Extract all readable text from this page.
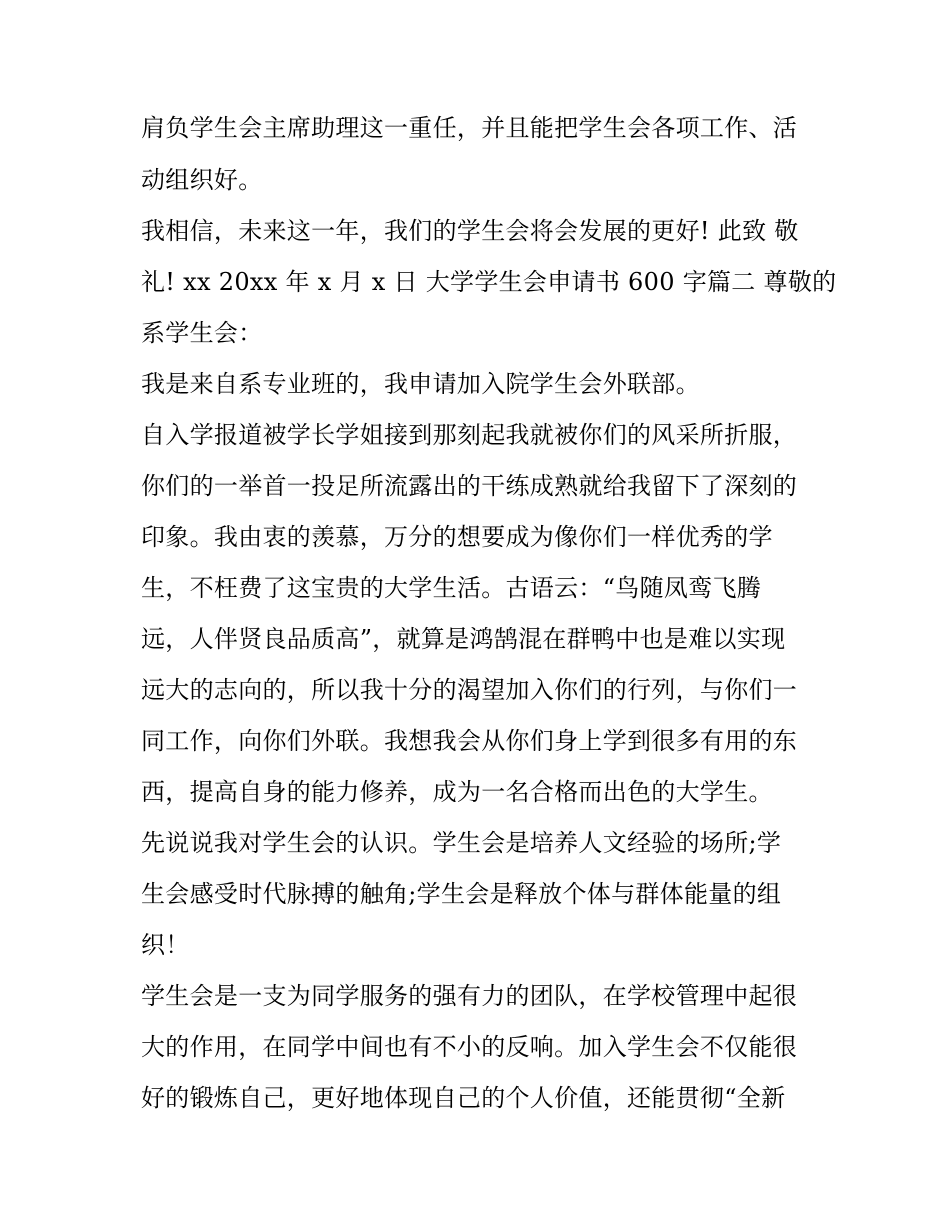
肩负学生会主席助理这一重任，并且能把学生会各项工作、活
动组织好。
我相信，未来这一年，我们的学生会将会发展的更好! 此致 敬
礼! xx 20xx 年 x 月 x 日 大学学生会申请书 600 字篇二 尊敬的
系学生会：
我是来自系专业班的，我申请加入院学生会外联部。
自入学报道被学长学姐接到那刻起我就被你们的风采所折服，
你们的一举首一投足所流露出的干练成熟就给我留下了深刻的
印象。我由衷的羡慕，万分的想要成为像你们一样优秀的学
生，不枉费了这宝贵的大学生活。古语云：“鸟随凤鸾飞腾
远，人伴贤良品质高”，就算是鸿鹄混在群鸭中也是难以实现
远大的志向的，所以我十分的渴望加入你们的行列，与你们一
同工作，向你们外联。我想我会从你们身上学到很多有用的东
西，提高自身的能力修养，成为一名合格而出色的大学生。
先说说我对学生会的认识。学生会是培养人文经验的场所;学
生会感受时代脉搏的触角;学生会是释放个体与群体能量的组
织！
学生会是一支为同学服务的强有力的团队，在学校管理中起很
大的作用，在同学中间也有不小的反响。加入学生会不仅能很
好的锻炼自己，更好地体现自己的个人价值，还能贯彻“全新
